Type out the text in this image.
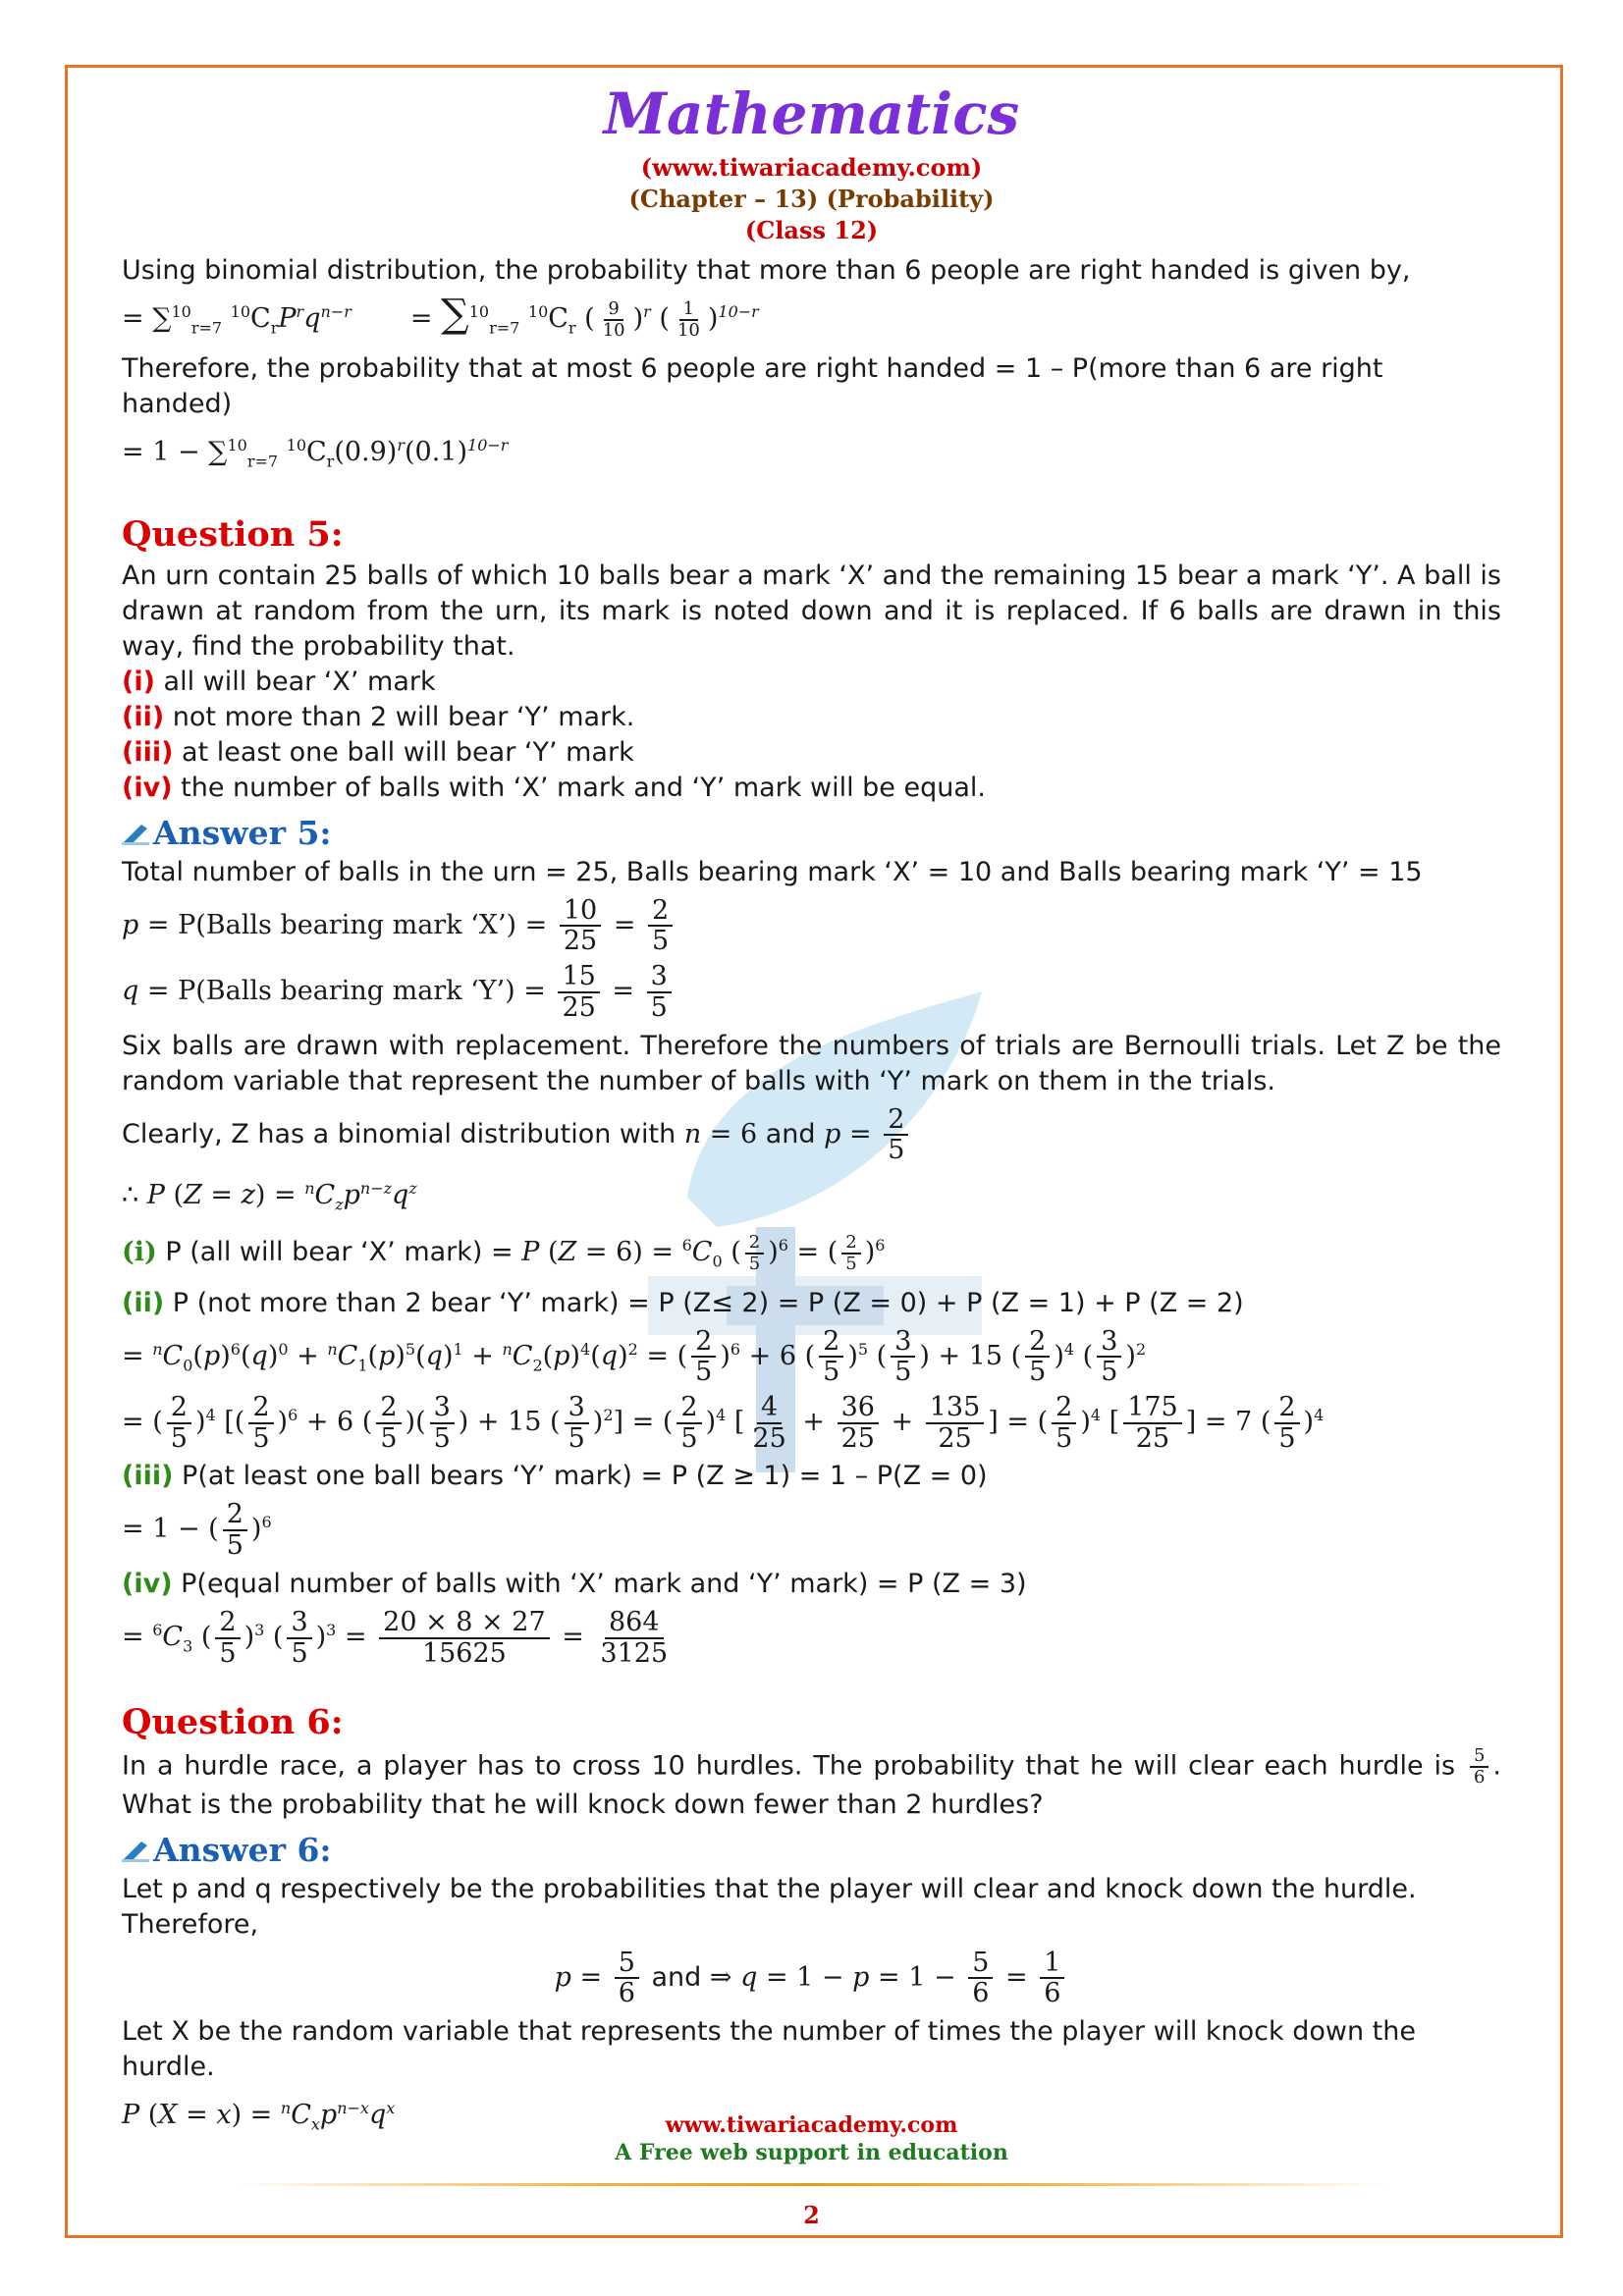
Mathematics
(www.tiwariacademy.com)
(Chapter – 13) (Probability)
(Class 12)

Using binomial distribution, the probability that more than 6 people are right handed is given by,

= ∑$^{10}_{r=7}$ $^{10}C_rP^rq^{n-r}$       = ∑$^{10}_{r=7}$ $^{10}C_r$ ( $\frac{9}{10} )^r$ ( $\frac{1}{10} )^{10-r}$

Therefore, the probability that at most 6 people are right handed = 1 – P(more than 6 are right handed)

= 1 − ∑$^{10}_{r=7}$ $^{10}C_r(0.9)^r(0.1)^{10-r}$
Question 5:

An urn contain 25 balls of which 10 balls bear a mark ‘X’ and the remaining 15 bear a mark ‘Y’. A ball is drawn at random from the urn, its mark is noted down and it is replaced. If 6 balls are drawn in this way, find the probability that.

(i) all will bear ‘X’ mark

(ii) not more than 2 will bear ‘Y’ mark.

(iii) at least one ball will bear ‘Y’ mark

(iv) the number of balls with ‘X’ mark and ‘Y’ mark will be equal.

Answer 5:

Total number of balls in the urn = 25, Balls bearing mark ‘X’ = 10 and Balls bearing mark ‘Y’ = 15

p = P(Balls bearing mark ‘X’) = $\frac{10}{25} = \frac{2}{5}$
q = P(Balls bearing mark ‘Y’) = $\frac{15}{25} = \frac{3}{5}$

Six balls are drawn with replacement. Therefore the numbers of trials are Bernoulli trials. Let Z be the random variable that represent the number of balls with ‘Y’ mark on them in the trials.

Clearly, Z has a binomial distribution with n = 6 and $p = \frac{2}{5}$
∴ P $(Z = z) = ^nC_zp^{n-z}q^z$
(i) P (all will bear ‘X’ mark) = P $(Z = 6) = ^6C_0$ ( $\frac{2}{5} )^6$ = ( $\frac{2}{5} )^6$

(ii) P (not more than 2 bear ‘Y’ mark) = P (Z≤ 2) = P (Z = 0) + P (Z = 1) + P (Z = 2)

= $^nC_0(p)^6(q)^0 + ^nC_1(p)^5(q)^1 + ^nC_2(p)^4(q)^2$ = ( $\frac{2}{5} )^6 + 6$ ( $\frac{2}{5} )^5$ ( $\frac{3}{5}$ ) + 15 ( $\frac{2}{5} )^4$ ( $\frac{3}{5} )^2$
= ( $\frac{2}{5} )^4$ [( $\frac{2}{5} )^6 + 6$ ( $\frac{2}{5}$ )( $\frac{3}{5}$ ) + 15 ( $\frac{3}{5} )^2$] = ( $\frac{2}{5} )^4$ [ $\frac{4}{25} + \frac{36}{25} + \frac{135}{25}$ ] = ( $\frac{2}{5} )^4$ [ $\frac{175}{25}$ ] = 7 ( $\frac{2}{5} )^4$

(iii) P(at least one ball bears ‘Y’ mark) = P (Z ≥ 1) = 1 – P(Z = 0)

= 1 − ( $\frac{2}{5} )^6$

(iv) P(equal number of balls with ‘X’ mark and ‘Y’ mark) = P (Z = 3)

= $^6C_3$ ( $\frac{2}{5} )^3$ ( $\frac{3}{5} )^3 = \frac{20 \times 8 \times 27}{15625} = \frac{864}{3125}$
Question 6:

In a hurdle race, a player has to cross 10 hurdles. The probability that he will clear each hurdle is $\frac{5}{6}$ . What is the probability that he will knock down fewer than 2 hurdles?

Answer 6:

Let p and q respectively be the probabilities that the player will clear and knock down the hurdle. Therefore,

$p = \frac{5}{6}$ and ⇒ $q = 1 - p = 1 - \frac{5}{6} = \frac{1}{6}$

Let X be the random variable that represents the number of times the player will knock down the hurdle.

P $(X = x) = ^nC_xp^{n-x}q^x$
www.tiwariacademy.com
A Free web support in education
2
